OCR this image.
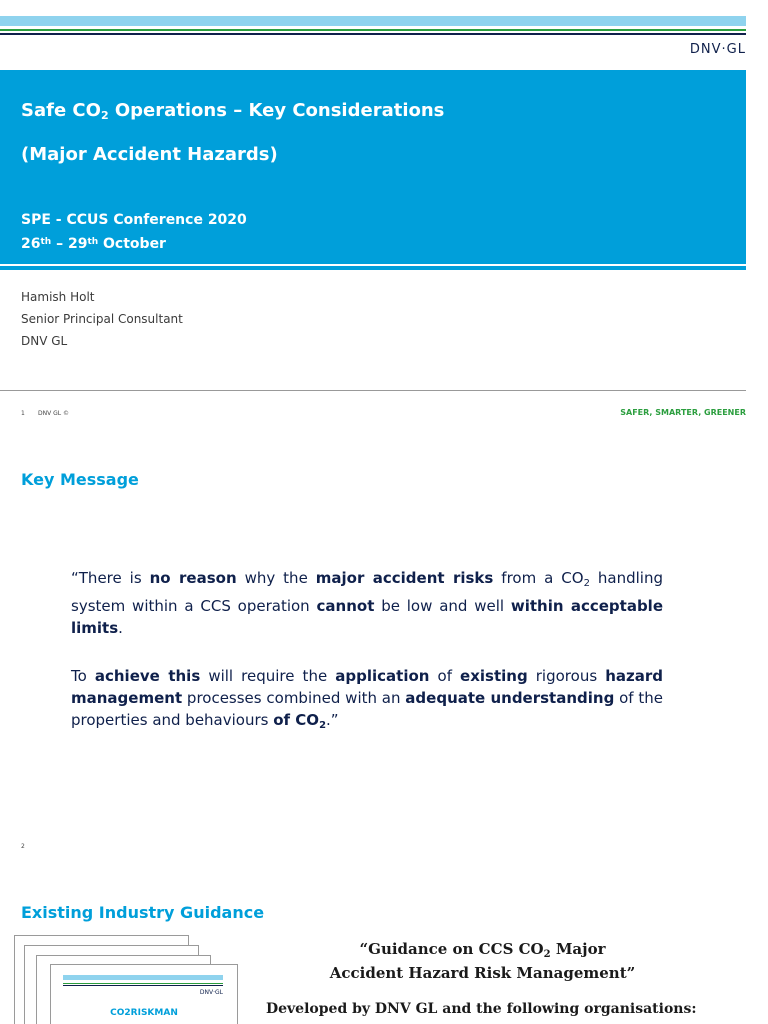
DNV·GL
Safe $CO_2$ Operations – Key Considerations
(Major Accident Hazards)
SPE - CCUS Conference 2020
26th – 29th October
Hamish Holt
Senior Principal Consultant
DNV GL
1 DNV GL ©	SAFER, SMARTER, GREENER
Key Message

“There is no reason why the major accident risks from a $CO_2$ handling system within a CCS operation cannot be low and well within acceptable limits.

To achieve this will require the application of existing rigorous hazard management processes combined with an adequate understanding of the properties and behaviours of $CO_2$.”

2
Existing Industry Guidance
DNV·GL
CO2RISKMAN
“Guidance on CCS $CO_2$ Major
Accident Hazard Risk Management”
Developed by DNV GL and the following organisations:
